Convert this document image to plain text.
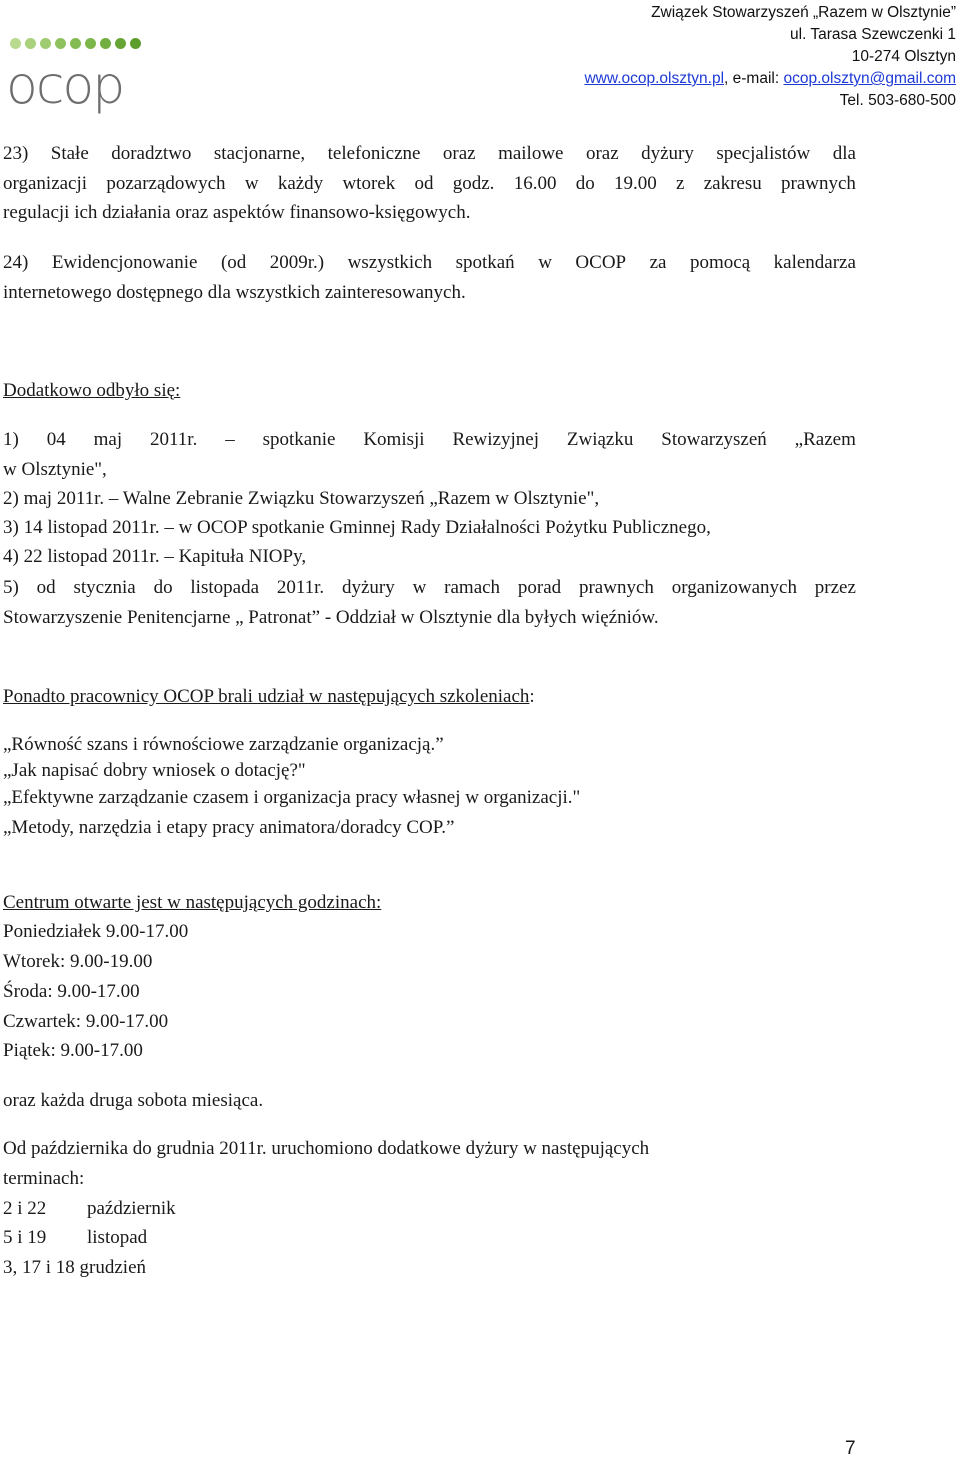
ocop
Związek Stowarzyszeń „Razem w Olsztynie”
ul. Tarasa Szewczenki 1
10-274 Olsztyn
www.ocop.olsztyn.pl, e-mail: ocop.olsztyn@gmail.com
Tel. 503-680-500
23) Stałe doradztwo stacjonarne, telefoniczne oraz mailowe oraz dyżury specjalistów dla
organizacji pozarządowych w każdy wtorek od godz. 16.00 do 19.00 z zakresu prawnych
regulacji ich działania oraz aspektów finansowo-księgowych.
24) Ewidencjonowanie (od 2009r.) wszystkich spotkań w OCOP za pomocą kalendarza
internetowego dostępnego dla wszystkich zainteresowanych.
Dodatkowo odbyło się:
1) 04 maj 2011r. – spotkanie Komisji Rewizyjnej Związku Stowarzyszeń „Razem
w Olsztynie",
2) maj 2011r. – Walne Zebranie Związku Stowarzyszeń „Razem w Olsztynie",
3) 14 listopad 2011r. – w OCOP spotkanie Gminnej Rady Działalności Pożytku Publicznego,
4) 22 listopad 2011r. – Kapituła NIOPy,
5) od stycznia do listopada 2011r. dyżury w ramach porad prawnych organizowanych przez
Stowarzyszenie Penitencjarne „ Patronat” - Oddział w Olsztynie dla byłych więźniów.
Ponadto pracownicy OCOP brali udział w następujących szkoleniach:
„Równość szans i równościowe zarządzanie organizacją.”
„Jak napisać dobry wniosek o dotację?"
„Efektywne zarządzanie czasem i organizacja pracy własnej w organizacji."
„Metody, narzędzia i etapy pracy animatora/doradcy COP.”
Centrum otwarte jest w następujących godzinach:
Poniedziałek 9.00-17.00
Wtorek: 9.00-19.00
Środa: 9.00-17.00
Czwartek: 9.00-17.00
Piątek: 9.00-17.00
oraz każda druga sobota miesiąca.
Od października do grudnia 2011r. uruchomiono dodatkowe dyżury w następujących
terminach:
2 i 22	październik
5 i 19	listopad
3, 17 i 18 grudzień
7
